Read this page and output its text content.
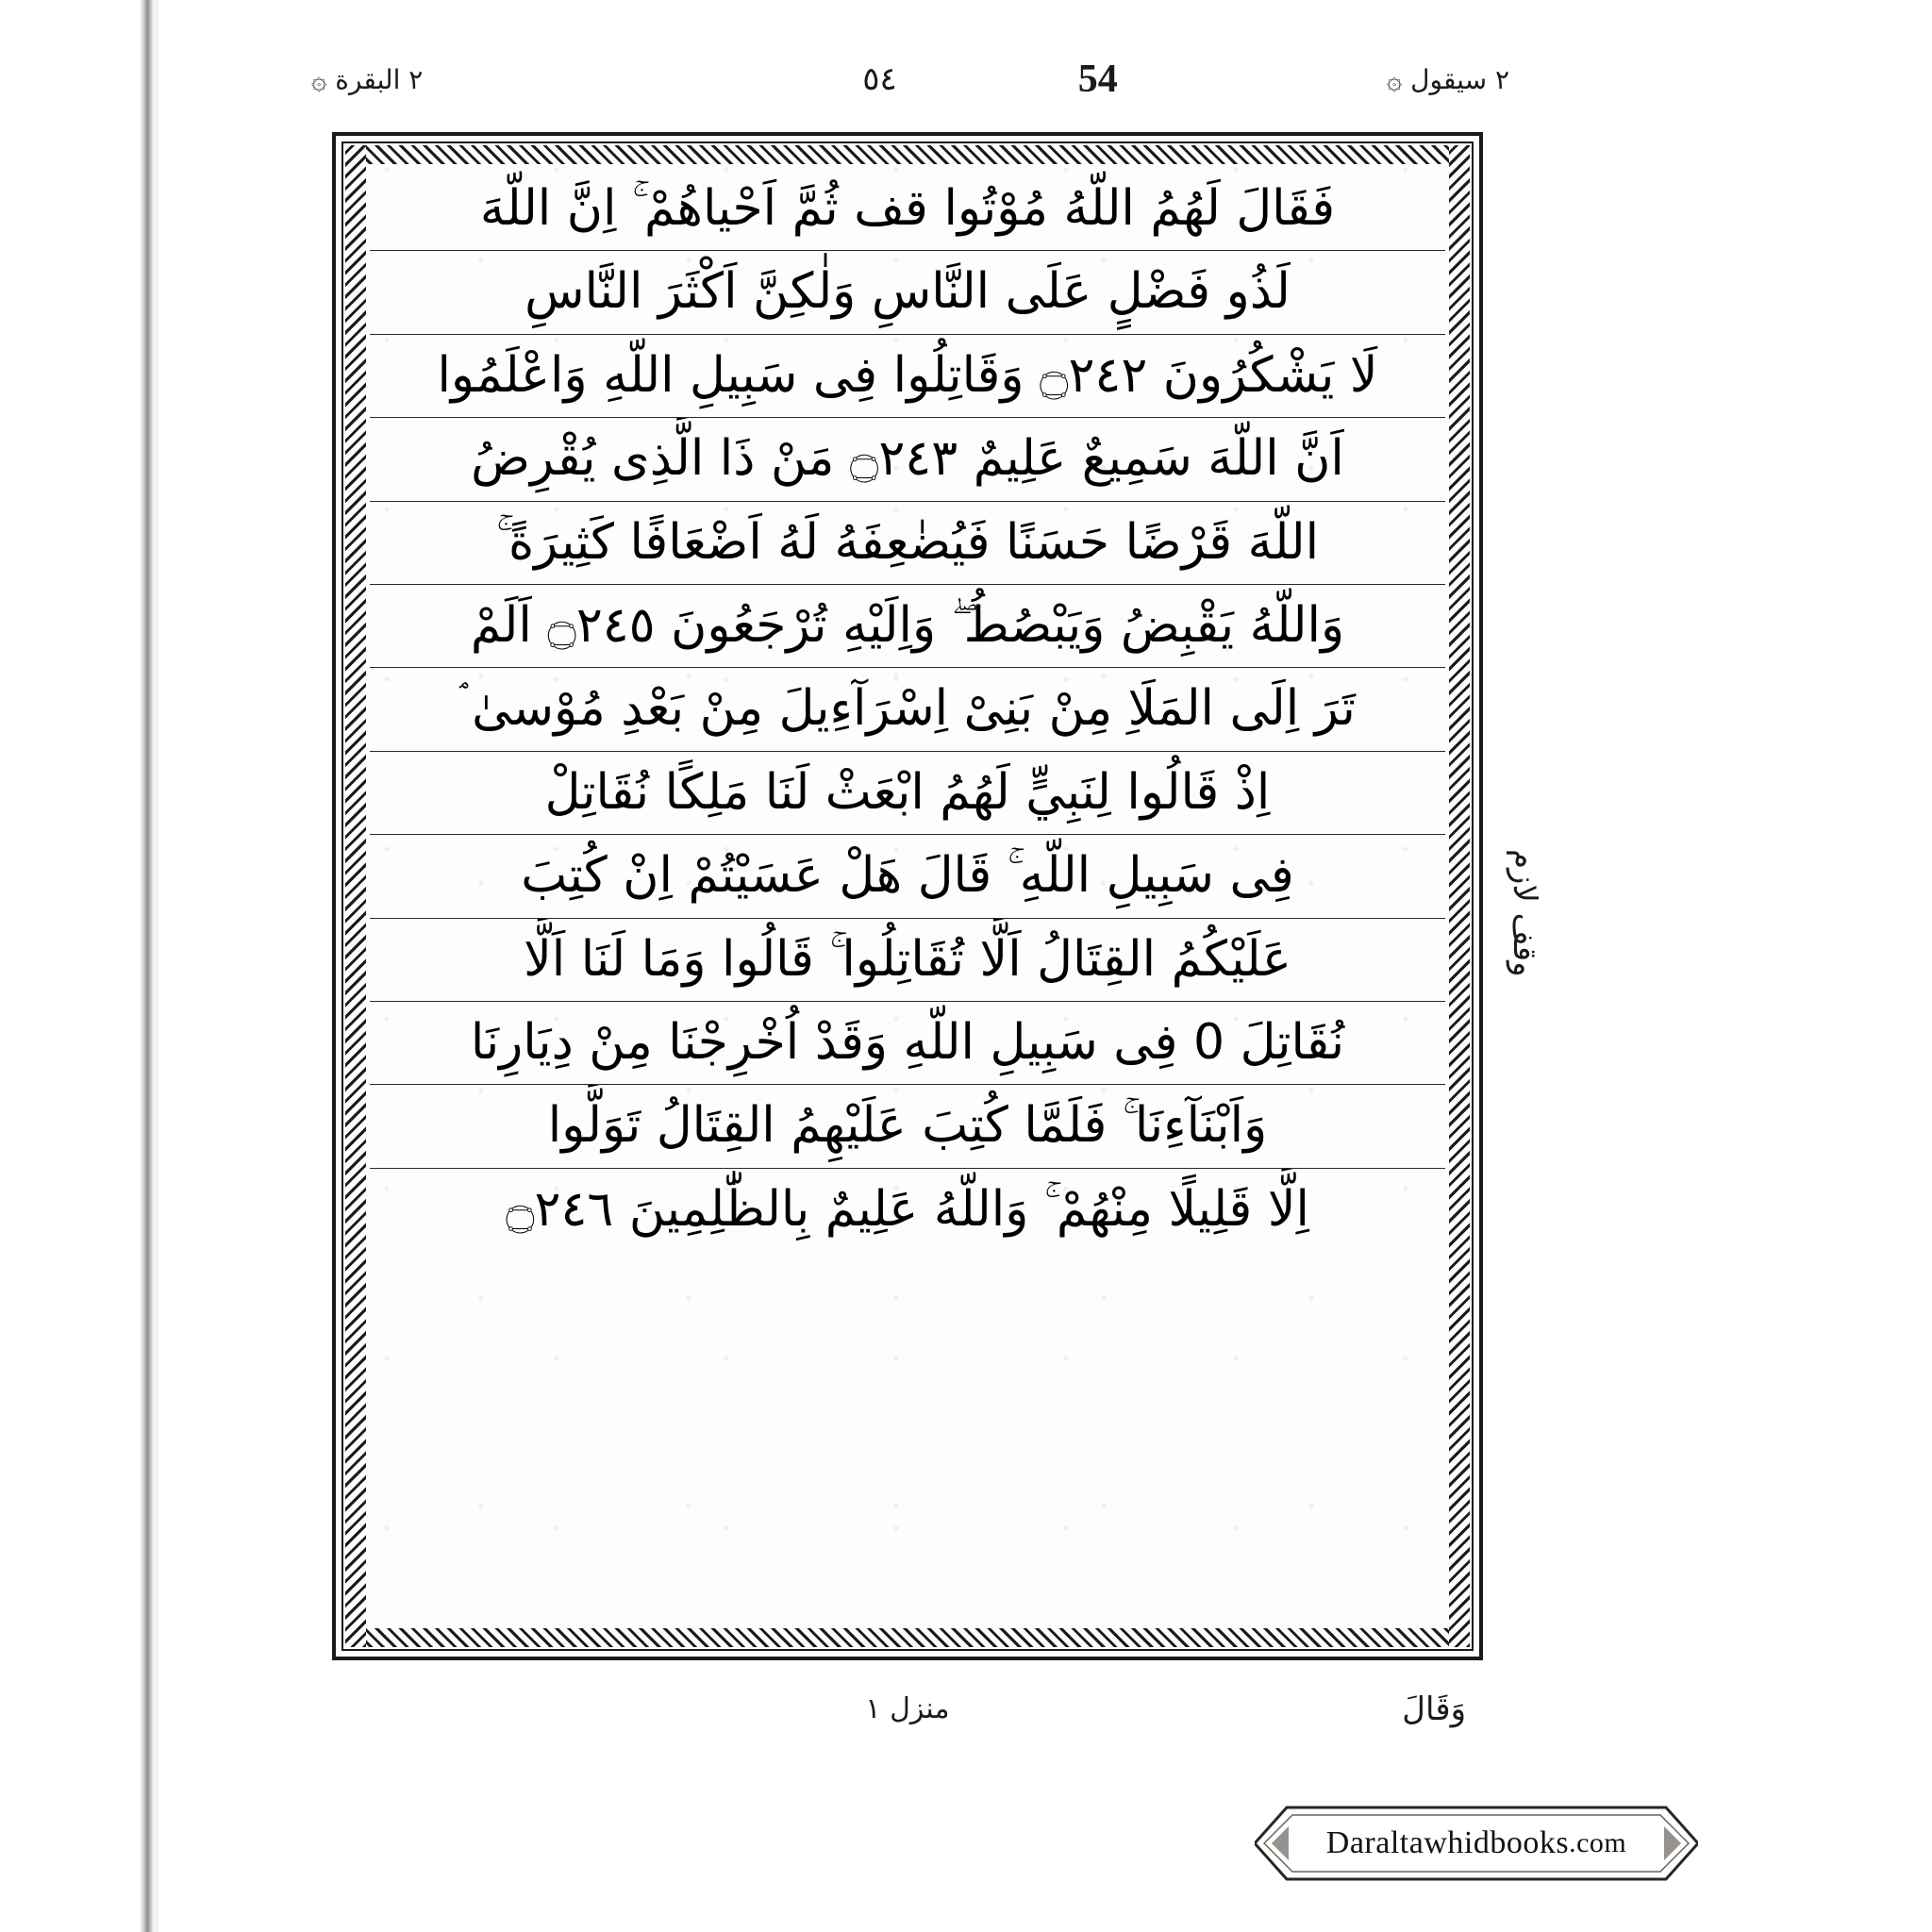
٢ سيقول ۞
٥٤	54
٢ البقرة ۞
فَقَالَ لَهُمُ اللّهُ مُوْتُوا قف ثُمَّ اَحْياهُمْ ۚ اِنَّ اللّهَ
لَذُو فَضْلٍ عَلَى النَّاسِ وَلٰكِنَّ اَكْثَرَ النَّاسِ
لَا يَشْكُرُونَ ۝٢٤٢ وَقَاتِلُوا فِى سَبِيلِ اللّهِ وَاعْلَمُوا
اَنَّ اللّهَ سَمِيعٌ عَلِيمٌ ۝٢٤٣ مَنْ ذَا الَّذِى يُقْرِضُ
اللّهَ قَرْضًا حَسَنًا فَيُضٰعِفَهُ لَهُ اَضْعَافًا كَثِيرَةً ۚ
وَاللّهُ يَقْبِضُ وَيَبْصُطُ ۖ وَاِلَيْهِ تُرْجَعُونَ ۝٢٤٥ اَلَمْ
تَرَ اِلَى المَلَاِ مِنْ بَنِىْ اِسْرَآءِيلَ مِنْ بَعْدِ مُوْسىٰ ۘ
اِذْ قَالُوا لِنَبِيٍّ لَهُمُ ابْعَثْ لَنَا مَلِكًا نُقَاتِلْ
فِى سَبِيلِ اللّهِ ۚ قَالَ هَلْ عَسَيْتُمْ اِنْ كُتِبَ
عَلَيْكُمُ القِتَالُ اَلَّا تُقَاتِلُوا ۚ قَالُوا وَمَا لَنَا اَلَّا
نُقَاتِلَ 0 فِى سَبِيلِ اللّهِ وَقَدْ اُخْرِجْنَا مِنْ دِيَارِنَا
وَاَبْنَآءِنَا ۚ فَلَمَّا كُتِبَ عَلَيْهِمُ القِتَالُ تَوَلَّوا
اِلَّا قَلِيلًا مِنْهُمْ ۚ وَاللّهُ عَلِيمٌ بِالظّٰلِمِينَ ۝٢٤٦
وقف لازم
وَقَالَ
منزل ١
Daraltawhidbooks .com
